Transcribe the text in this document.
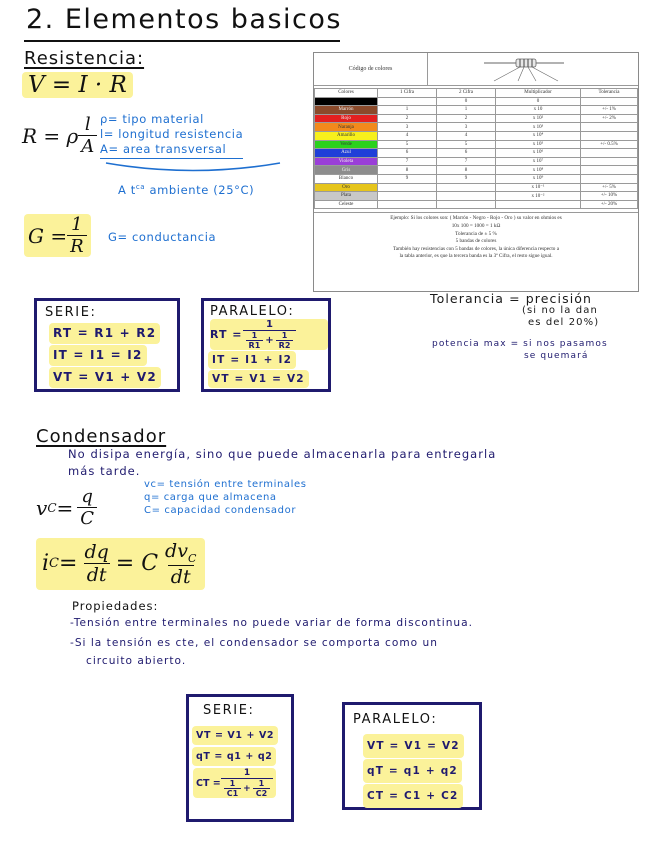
2. Elementos basicos
Resistencia:
V = I · R
R = ρ $\frac{l}{A} \rho=$ tipo material
l= longitud resistencia
A= area transversal
A $t^{ca}$ ambiente (25°C)
$G = \frac{1}{R} G=$ conductancia
Código de colores
Colores	1 Cifra	2 Cifra	Multiplicador	Tolerancia
		0	0	
Marrón	1	1	x 10	+/- 1%
Rojo	2	2	x 10²	+/- 2%
Naranja	3	3	x 10³	
Amarillo	4	4	x 10⁴	
Verde	5	5	x 10⁵	+/- 0.5%
Azul	6	6	x 10⁶	
Violeta	7	7	x 10⁷	
Gris	8	8	x 10⁸	
Blanco	9	9	x 10⁹	
Oro			x 10⁻¹	+/- 5%
Plata			x 10⁻²	+/- 10%
Celeste				+/- 20%
Ejemplo: Si los colores son: ( Marrón - Negro - Rojo - Oro ) su valor en ohmios es
10x 100 = 1000 = 1 kΩ
Tolerancia de ± 5 %
5 bandas de colores
También hay resistencias con 5 bandas de colores, la única diferencia respecto a
la tabla anterior, es que la tercera banda es la 3ª Cifra, el resto sigue igual.
SERIE:
RT = R1 + R2
IT = I1 = I2
VT = V1 + V2
PARALELO:
RT = $\frac{1}{\frac{1}{R1} + \frac{1}{R2}}$
IT = I1 + I2
VT = V1 = V2
Tolerancia = precisión
(si no la dan
es del 20%)
potencia max = si nos pasamos
se quemará
Condensador
No disipa energía, sino que puede almacenarla para entregarla
más tarde.
v $C = \frac{q}{C}$
vc= tensión entre terminales
q= carga que almacena
C= capacidad condensador
i $C = \frac{dq}{dt} = C \frac{dv_C}{dt}$
Propiedades:
-Tensión entre terminales no puede variar de forma discontinua.
-Si la tensión es cte, el condensador se comporta como un
circuito abierto.
SERIE:
VT = V1 + V2
qT = q1 + q2
CT = $\frac{1}{\frac{1}{C1} + \frac{1}{C2}}$
PARALELO:
VT = V1 = V2
qT = q1 + q2
CT = C1 + C2
